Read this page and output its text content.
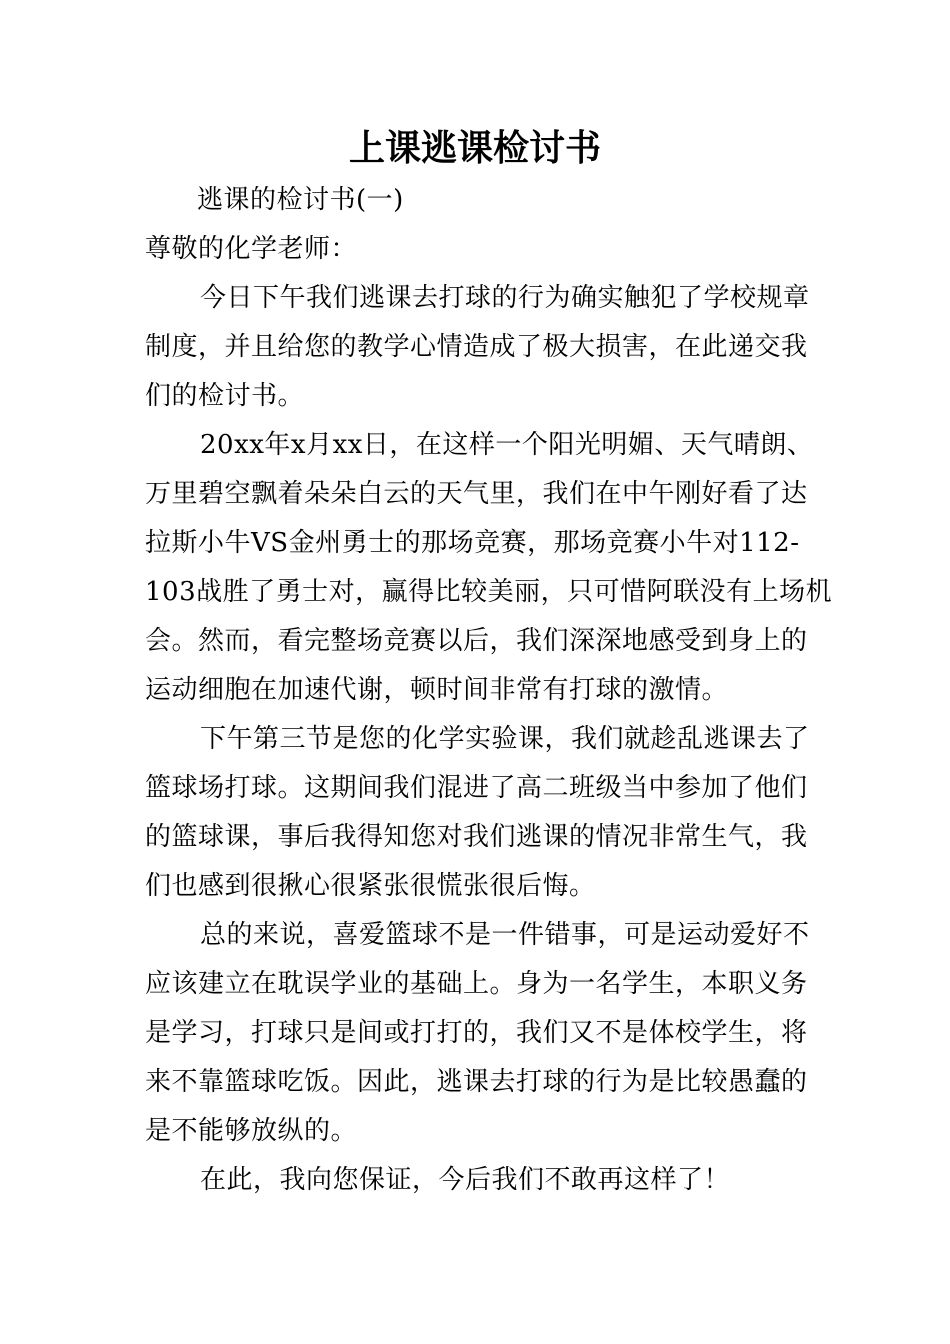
上课逃课检讨书

逃课的检讨书(一)

尊敬的化学老师：

今日下午我们逃课去打球的行为确实触犯了学校规章

制度，并且给您的教学心情造成了极大损害，在此递交我

们的检讨书。

20xx年x月xx日，在这样一个阳光明媚、天气晴朗、

万里碧空飘着朵朵白云的天气里，我们在中午刚好看了达

拉斯小牛VS金州勇士的那场竞赛，那场竞赛小牛对112-

103战胜了勇士对，赢得比较美丽，只可惜阿联没有上场机

会。然而，看完整场竞赛以后，我们深深地感受到身上的

运动细胞在加速代谢，顿时间非常有打球的激情。

下午第三节是您的化学实验课，我们就趁乱逃课去了

篮球场打球。这期间我们混进了高二班级当中参加了他们

的篮球课，事后我得知您对我们逃课的情况非常生气，我

们也感到很揪心很紧张很慌张很后悔。

总的来说，喜爱篮球不是一件错事，可是运动爱好不

应该建立在耽误学业的基础上。身为一名学生，本职义务

是学习，打球只是间或打打的，我们又不是体校学生，将

来不靠篮球吃饭。因此，逃课去打球的行为是比较愚蠢的

是不能够放纵的。

在此，我向您保证，今后我们不敢再这样了！
